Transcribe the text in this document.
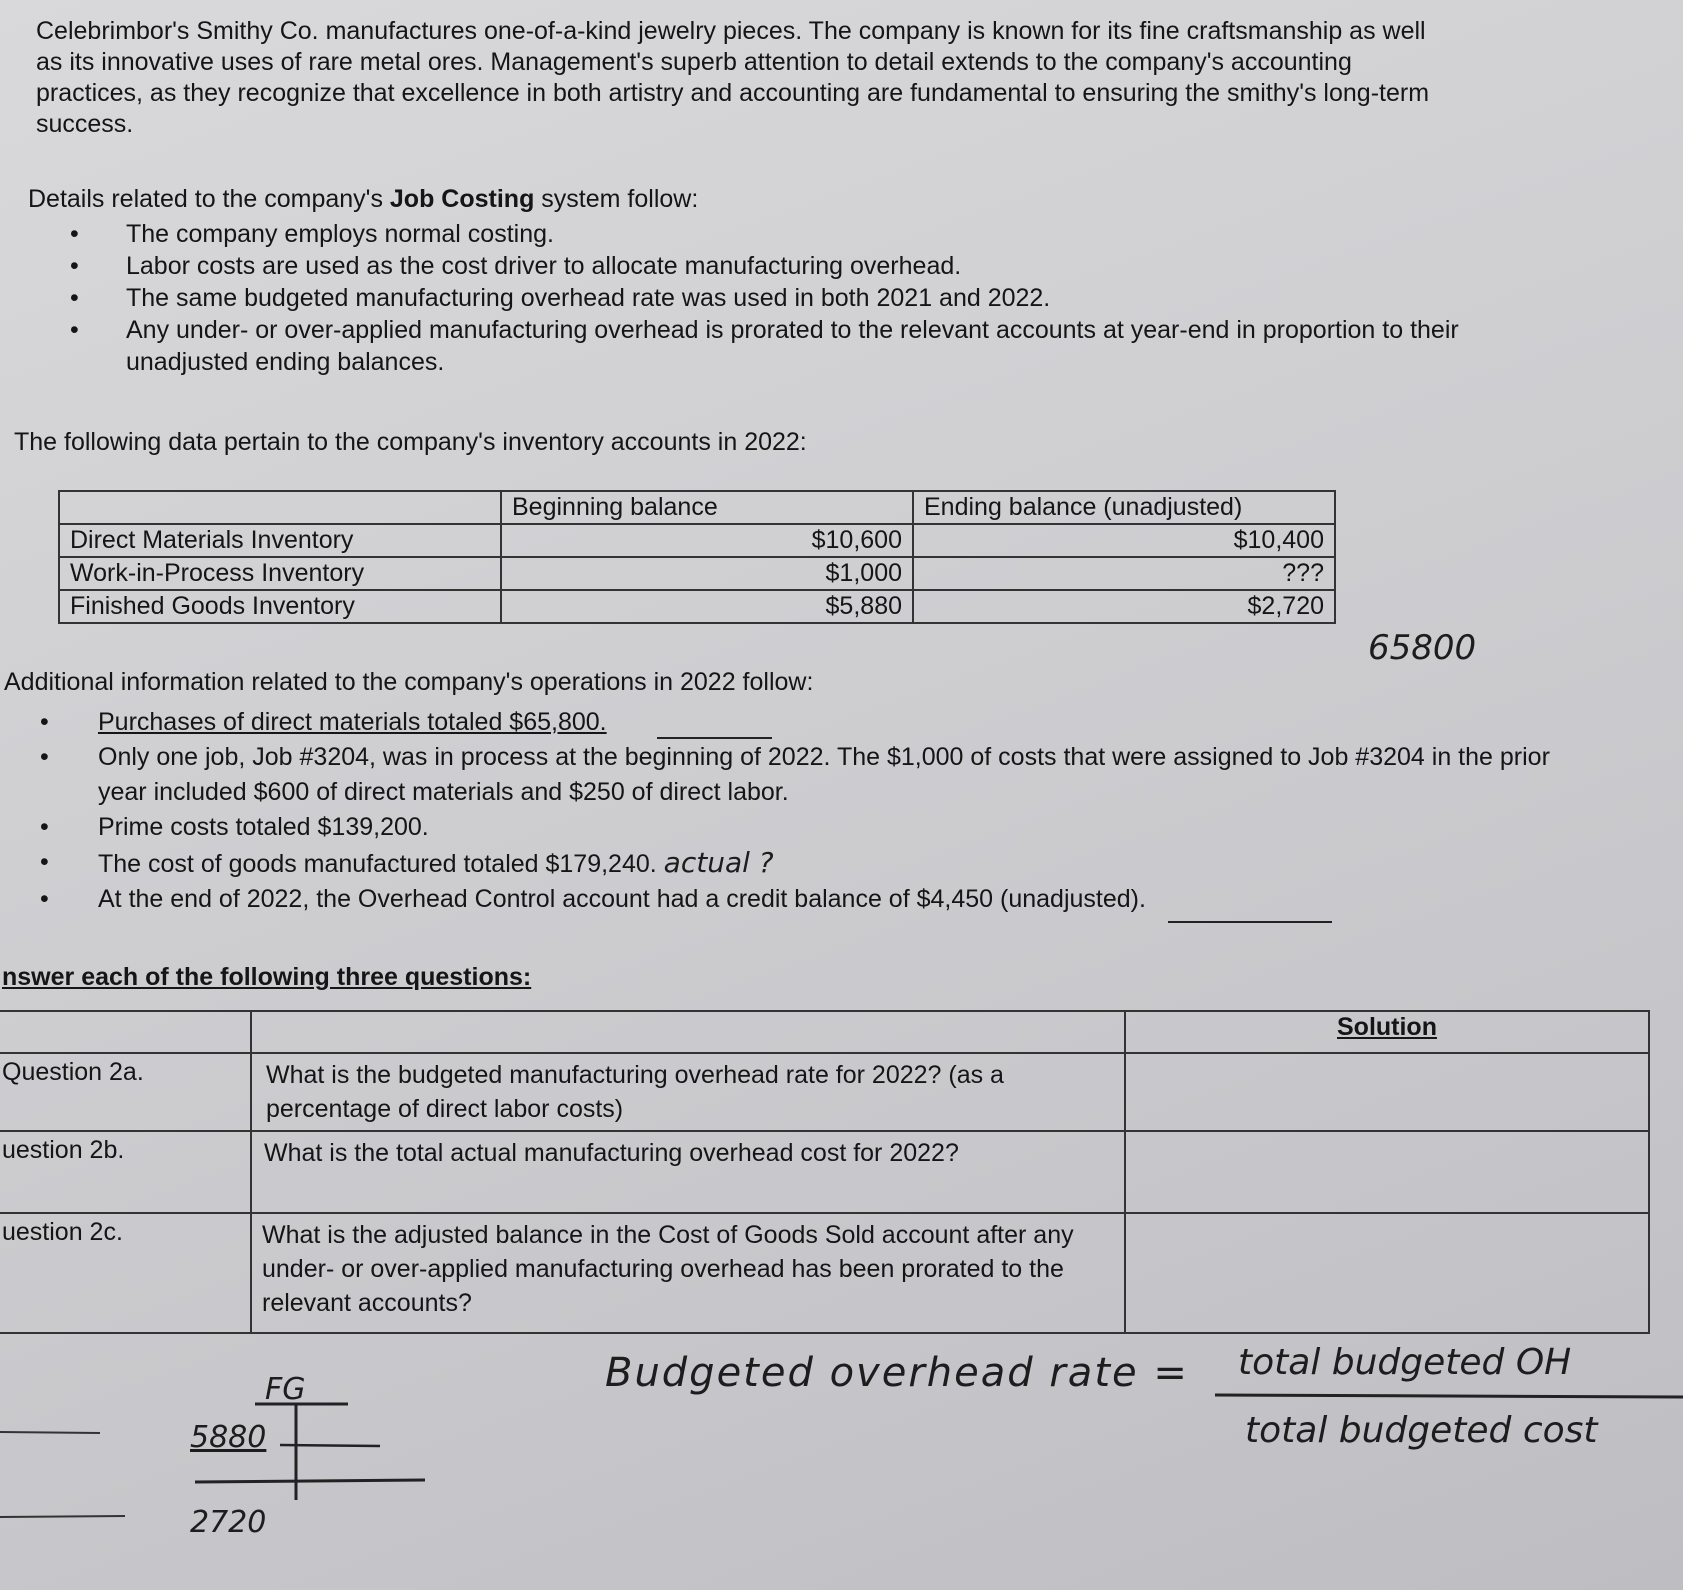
Celebrimbor's Smithy Co. manufactures one-of-a-kind jewelry pieces. The company is known for its fine craftsmanship as well as its innovative uses of rare metal ores. Management's superb attention to detail extends to the company's accounting practices, as they recognize that excellence in both artistry and accounting are fundamental to ensuring the smithy's long-term success.
Details related to the company's Job Costing system follow:
• The company employs normal costing.
• Labor costs are used as the cost driver to allocate manufacturing overhead.
• The same budgeted manufacturing overhead rate was used in both 2021 and 2022.
• Any under- or over-applied manufacturing overhead is prorated to the relevant accounts at year-end in proportion to their unadjusted ending balances.
The following data pertain to the company's inventory accounts in 2022:
	Beginning balance	Ending balance (unadjusted)
Direct Materials Inventory	$10,600	$10,400
Work-in-Process Inventory	$1,000	???
Finished Goods Inventory	$5,880	$2,720
65800
Additional information related to the company's operations in 2022 follow:
• Purchases of direct materials totaled $65,800.
• Only one job, Job #3204, was in process at the beginning of 2022. The $1,000 of costs that were assigned to Job #3204 in the prior year included $600 of direct materials and $250 of direct labor.
• Prime costs totaled $139,200.
• The cost of goods manufactured totaled $179,240. actual ?
• At the end of 2022, the Overhead Control account had a credit balance of $4,450 (unadjusted).
nswer each of the following three questions:
		Solution
Question 2a.	What is the budgeted manufacturing overhead rate for 2022? (as a percentage of direct labor costs)	
uestion 2b.	What is the total actual manufacturing overhead cost for 2022?	
uestion 2c.	What is the adjusted balance in the Cost of Goods Sold account after any under- or over-applied manufacturing overhead has been prorated to the relevant accounts?	
Budgeted overhead rate = total budgeted OH
total budgeted cost
FG
5880
2720
